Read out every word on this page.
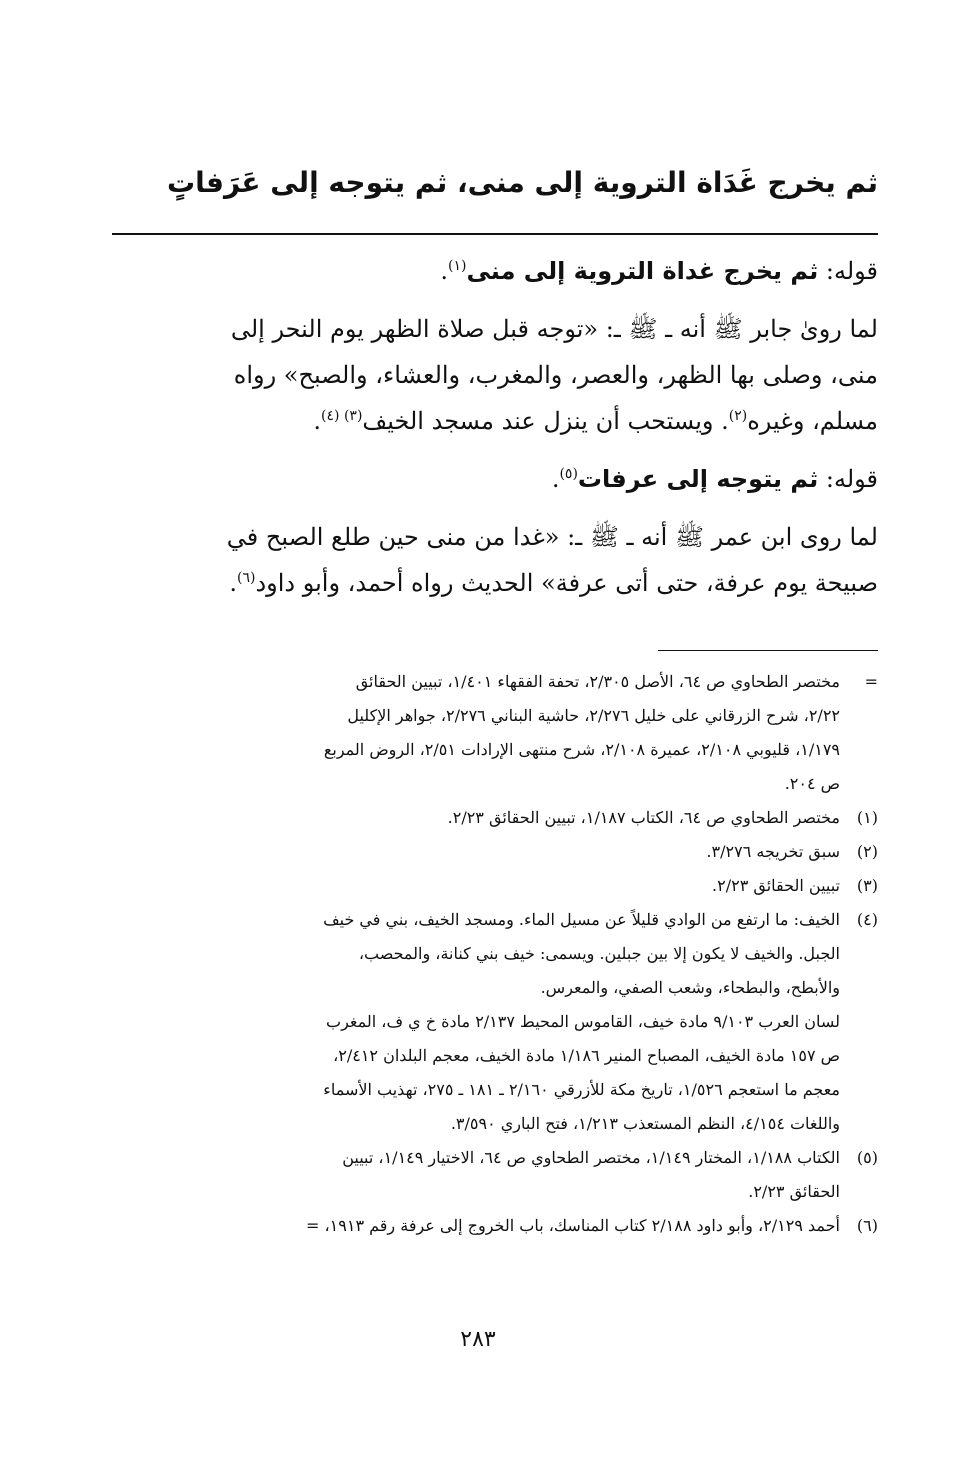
ثم يخرج غَدَاة التروية إلى منى، ثم يتوجه إلى عَرَفاتٍ

قوله: ثم يخرج غداة التروية إلى منى$^{(١)}$.

لما روىٰ جابر ﷺ أنه ـ ﷺ ـ: «توجه قبل صلاة الظهر يوم النحر إلى
منى، وصلى بها الظهر، والعصر، والمغرب، والعشاء، والصبح» رواه
مسلم، وغيره$^{(٢)}$. ويستحب أن ينزل عند مسجد الخيف$^{(٣) (٤)}$.

قوله: ثم يتوجه إلى عرفات$^{(٥)}$.

لما روى ابن عمر ﷺ أنه ـ ﷺ ـ: «غدا من منى حين طلع الصبح في
صبيحة يوم عرفة، حتى أتى عرفة» الحديث رواه أحمد، وأبو داود$^{(٦)}$.

=
مختصر الطحاوي ص ٦٤، الأصل ٢/٣٠٥، تحفة الفقهاء ١/٤٠١، تبيين الحقائق
٢/٢٢، شرح الزرقاني على خليل ٢/٢٧٦، حاشية البناني ٢/٢٧٦، جواهر الإكليل
١/١٧٩، قليوبي ٢/١٠٨، عميرة ٢/١٠٨، شرح منتهى الإرادات ٢/٥١، الروض المربع
ص ٢٠٤.
(١)
مختصر الطحاوي ص ٦٤، الكتاب ١/١٨٧، تبيين الحقائق ٢/٢٣.
(٢)
سبق تخريجه ٣/٢٧٦.
(٣)
تبيين الحقائق ٢/٢٣.
(٤)
الخيف: ما ارتفع من الوادي قليلاً عن مسيل الماء. ومسجد الخيف، بني في خيف
الجبل. والخيف لا يكون إلا بين جبلين. ويسمى: خيف بني كنانة، والمحصب،
والأبطح، والبطحاء، وشعب الصفي، والمعرس.
لسان العرب ٩/١٠٣ مادة خيف، القاموس المحيط ٢/١٣٧ مادة خ ي ف، المغرب
ص ١٥٧ مادة الخيف، المصباح المنير ١/١٨٦ مادة الخيف، معجم البلدان ٢/٤١٢،
معجم ما استعجم ١/٥٢٦، تاريخ مكة للأزرقي ٢/١٦٠ ـ ١٨١ ـ ٢٧٥، تهذيب الأسماء
واللغات ٤/١٥٤، النظم المستعذب ١/٢١٣، فتح الباري ٣/٥٩٠.
(٥)
الكتاب ١/١٨٨، المختار ١/١٤٩، مختصر الطحاوي ص ٦٤، الاختيار ١/١٤٩، تبيين
الحقائق ٢/٢٣.
(٦)
أحمد ٢/١٢٩، وأبو داود ٢/١٨٨ كتاب المناسك، باب الخروج إلى عرفة رقم ١٩١٣، =
٢٨٣
